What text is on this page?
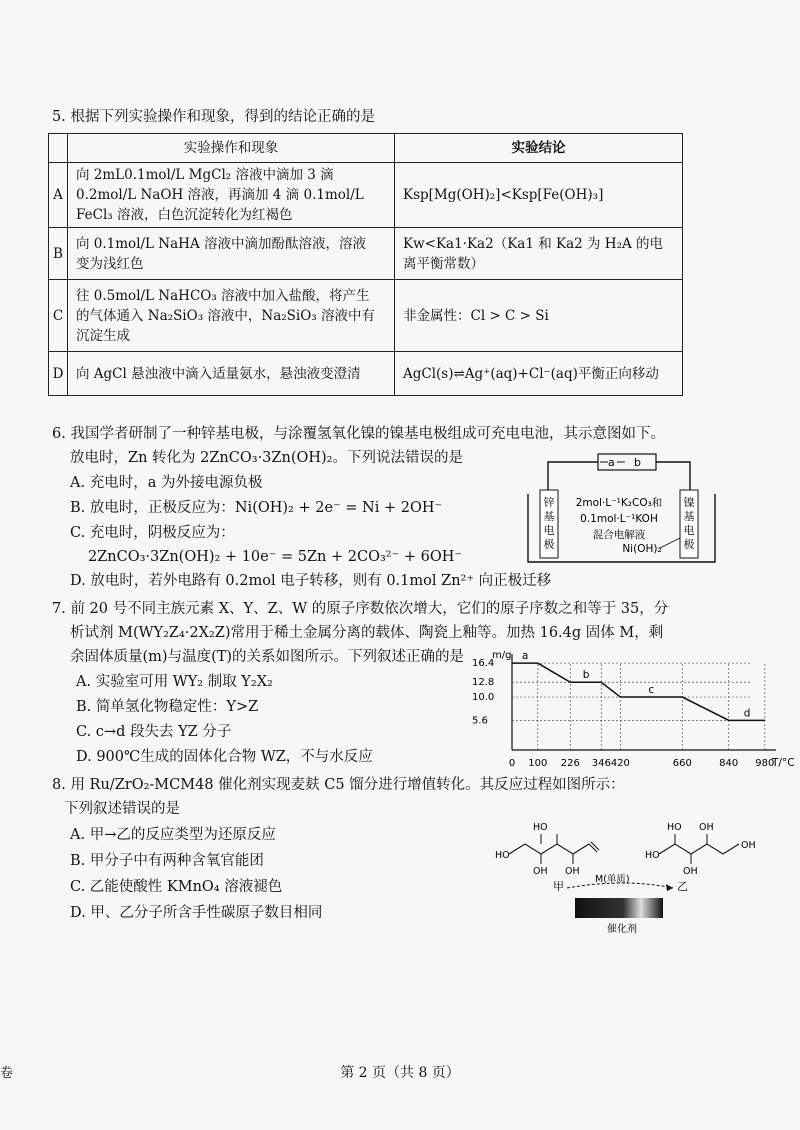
5. 根据下列实验操作和现象，得到的结论正确的是
	实验操作和现象	实验结论
A	向 2mL0.1mol/L MgCl₂ 溶液中滴加 3 滴
0.2mol/L NaOH 溶液，再滴加 4 滴 0.1mol/L
FeCl₃ 溶液，白色沉淀转化为红褐色	Ksp[Mg(OH)₂]<Ksp[Fe(OH)₃]
B	向 0.1mol/L NaHA 溶液中滴加酚酞溶液，溶液
变为浅红色	Kw<Ka1·Ka2（Ka1 和 Ka2 为 H₂A 的电离平衡常数）
C	往 0.5mol/L NaHCO₃ 溶液中加入盐酸，将产生
的气体通入 Na₂SiO₃ 溶液中，Na₂SiO₃ 溶液中有
沉淀生成	非金属性：Cl > C > Si
D	向 AgCl 悬浊液中滴入适量氨水，悬浊液变澄清	AgCl(s)⇌Ag⁺(aq)+Cl⁻(aq)平衡正向移动
6. 我国学者研制了一种锌基电极，与涂覆氢氧化镍的镍基电极组成可充电电池，其示意图如下。
放电时，Zn 转化为 2ZnCO₃·3Zn(OH)₂。下列说法错误的是
A. 充电时，a 为外接电源负极
B. 放电时，正极反应为：Ni(OH)₂ + 2e⁻ = Ni + 2OH⁻
C. 充电时，阴极反应为：
2ZnCO₃·3Zn(OH)₂ + 10e⁻ = 5Zn + 2CO₃²⁻ + 6OH⁻
D. 放电时，若外电路有 0.2mol 电子转移，则有 0.1mol Zn²⁺ 向正极迁移
a b
锌
基
电
极
镍
基
电
极
2mol·L⁻¹K₂CO₃和
0.1mol·L⁻¹KOH
混合电解液
Ni(OH)₂
7. 前 20 号不同主族元素 X、Y、Z、W 的原子序数依次增大，它们的原子序数之和等于 35，分
析试剂 M(WY₂Z₄·2X₂Z)常用于稀土金属分离的载体、陶瓷上釉等。加热 16.4g 固体 M，剩
余固体质量(m)与温度(T)的关系如图所示。下列叙述正确的是
A. 实验室可用 WY₂ 制取 Y₂X₂
B. 简单氢化物稳定性：Y>Z
C. c→d 段失去 YZ 分子
D. 900℃生成的固体化合物 WZ，不与水反应
m/g
T/°C
16.4
12.8
10.0
5.6
0 100 226 346 420	660	840 980
a
b
c
d
8. 用 Ru/ZrO₂-MCM48 催化剂实现麦麸 C5 馏分进行增值转化。其反应过程如图所示：
下列叙述错误的是
A. 甲→乙的反应类型为还原反应
B. 甲分子中有两种含氧官能团
C. 乙能使酸性 KMnO₄ 溶液褪色
D. 甲、乙分子所含手性碳原子数目相同
HO
HO
OH OH
HO
HO
OH
OH
OH
甲
M(单质)
乙
催化剂
卷	第 2 页（共 8 页）
